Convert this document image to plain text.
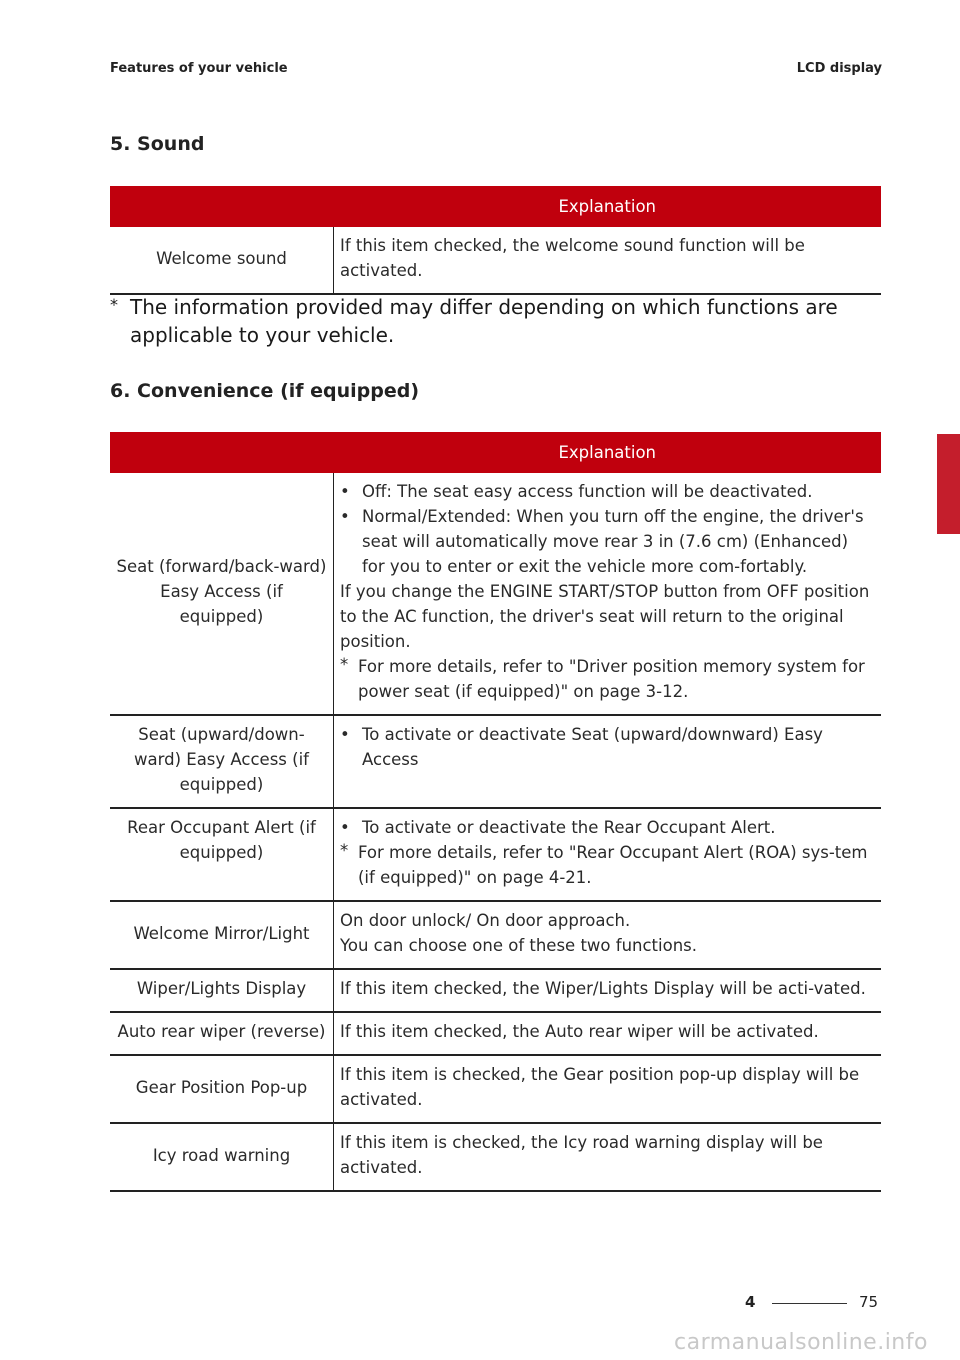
Features of your vehicle	LCD display
5. Sound
	Explanation
Welcome sound	If this item checked, the welcome sound function will be activated.
* The information provided may differ depending on which functions are applicable to your vehicle.
6. Convenience (if equipped)
	Explanation
Seat (forward/back-ward) Easy Access (if equipped)	• Off: The seat easy access function will be deactivated.
• Normal/Extended: When you turn off the engine, the driver's seat will automatically move rear 3 in (7.6 cm) (Enhanced) for you to enter or exit the vehicle more com-fortably.
If you change the ENGINE START/STOP button from OFF position to the AC function, the driver's seat will return to the original position.
* For more details, refer to "Driver position memory system for power seat (if equipped)" on page 3-12.

Seat (upward/down-ward) Easy Access (if equipped)	• To activate or deactivate Seat (upward/downward) Easy Access

Rear Occupant Alert (if equipped)	• To activate or deactivate the Rear Occupant Alert.
* For more details, refer to "Rear Occupant Alert (ROA) sys-tem (if equipped)" on page 4-21.

Welcome Mirror/Light	On door unlock/ On door approach.
You can choose one of these two functions.

Wiper/Lights Display	If this item checked, the Wiper/Lights Display will be acti-vated.
Auto rear wiper (reverse)	If this item checked, the Auto rear wiper will be activated.
Gear Position Pop-up	If this item is checked, the Gear position pop-up display will be activated.
Icy road warning	If this item is checked, the Icy road warning display will be activated.
4
4	75
carmanualsonline.info
